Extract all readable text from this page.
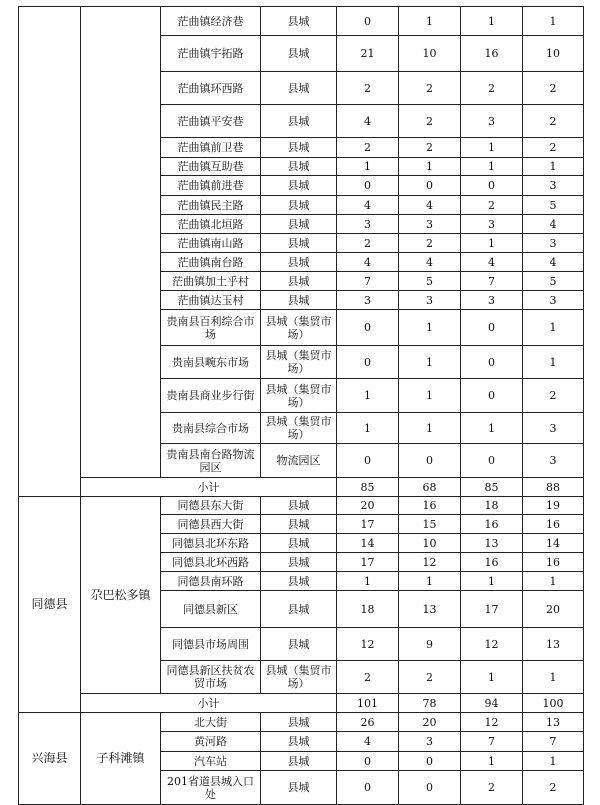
		茫曲镇经济巷	县城	0	1	1	1
		茫曲镇宇拓路	县城	21	10	16	10
		茫曲镇环西路	县城	2	2	2	2
		茫曲镇平安巷	县城	4	2	3	2
		茫曲镇前卫巷	县城	2	2	1	2
		茫曲镇互助巷	县城	1	1	1	1
		茫曲镇前进巷	县城	0	0	0	3
		茫曲镇民主路	县城	4	4	2	5
		茫曲镇北垣路	县城	3	3	3	4
		茫曲镇南山路	县城	2	2	1	3
		茫曲镇南台路	县城	4	4	4	4
		茫曲镇加土乎村	县城	7	5	7	5
		茫曲镇达玉村	县城	3	3	3	3
		贵南县百利综合市场	县城（集贸市场）	0	1	0	1
		贵南县畹东市场	县城（集贸市场）	0	1	0	1
		贵南县商业步行街	县城（集贸市场）	1	1	0	2
		贵南县综合市场	县城（集贸市场）	1	1	1	3
		贵南县南台路物流园区	物流园区	0	0	0	3
	小计			85	68	85	88
同德县	尕巴松多镇	同德县东大街	县城	20	16	18	19
		同德县西大街	县城	17	15	16	16
		同德县北环东路	县城	14	10	13	14
		同德县北环西路	县城	17	12	16	16
		同德县南环路	县城	1	1	1	1
		同德县新区	县城	18	13	17	20
		同德县市场周围	县城	12	9	12	13
		同德县新区扶贫农贸市场	县城（集贸市场）	2	2	1	1
	小计			101	78	94	100
兴海县	子科滩镇	北大街	县城	26	20	12	13
		黄河路	县城	4	3	7	7
		汽车站	县城	0	0	1	1
		201省道县城入口处	县城	0	0	2	2
